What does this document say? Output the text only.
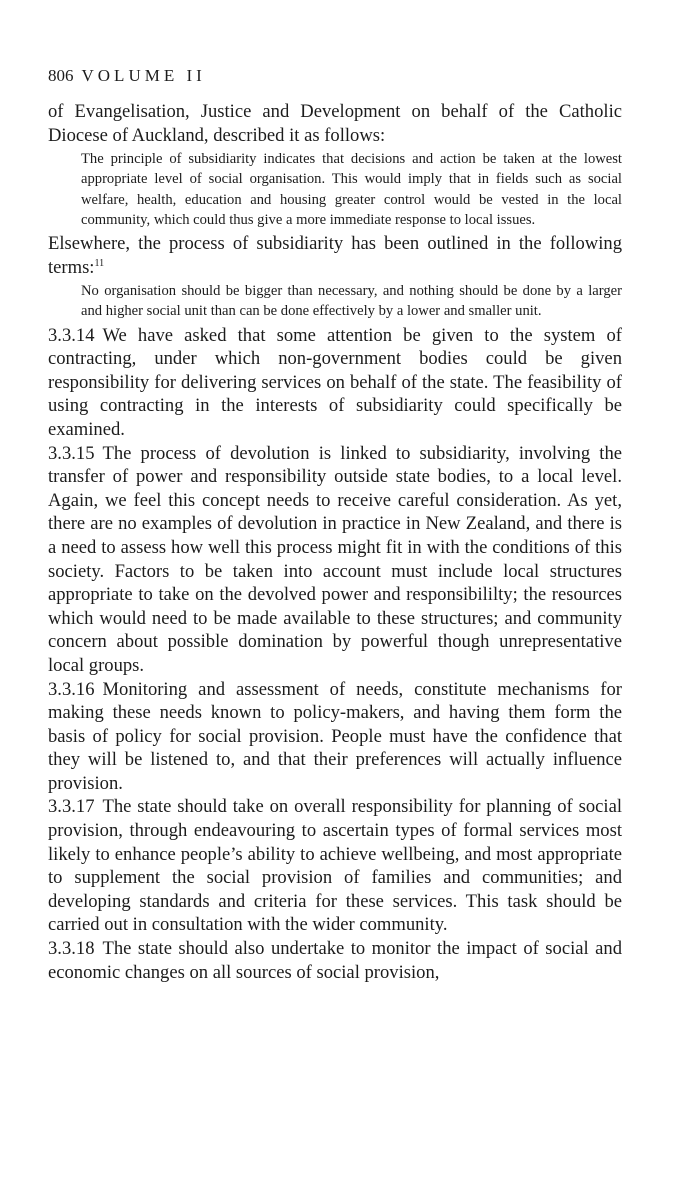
806 VOLUME II

of Evangelisation, Justice and Development on behalf of the Catholic Diocese of Auckland, described it as follows:

The principle of subsidiarity indicates that decisions and action be taken at the lowest appropriate level of social organisation. This would imply that in fields such as social welfare, health, education and housing greater control would be vested in the local community, which could thus give a more immediate response to local issues.

Elsewhere, the process of subsidiarity has been outlined in the following terms:$^{11}$

No organisation should be bigger than necessary, and nothing should be done by a larger and higher social unit than can be done effectively by a lower and smaller unit.

3.3.14 We have asked that some attention be given to the system of contracting, under which non-government bodies could be given responsibility for delivering services on behalf of the state. The feasibility of using contracting in the interests of subsidiarity could specifically be examined.

3.3.15 The process of devolution is linked to subsidiarity, involving the transfer of power and responsibility outside state bodies, to a local level. Again, we feel this concept needs to receive careful consideration. As yet, there are no examples of devolution in practice in New Zealand, and there is a need to assess how well this process might fit in with the conditions of this society. Factors to be taken into account must include local structures appropriate to take on the devolved power and responsibililty; the resources which would need to be made available to these structures; and community concern about possible domination by powerful though unrepresentative local groups.

3.3.16 Monitoring and assessment of needs, constitute mechanisms for making these needs known to policy-makers, and having them form the basis of policy for social provision. People must have the confidence that they will be listened to, and that their preferences will actually influence provision.

3.3.17 The state should take on overall responsibility for planning of social provision, through endeavouring to ascertain types of formal services most likely to enhance people’s ability to achieve wellbeing, and most appropriate to supplement the social provision of families and communities; and developing standards and criteria for these services. This task should be carried out in consultation with the wider community.

3.3.18 The state should also undertake to monitor the impact of social and economic changes on all sources of social provision,
